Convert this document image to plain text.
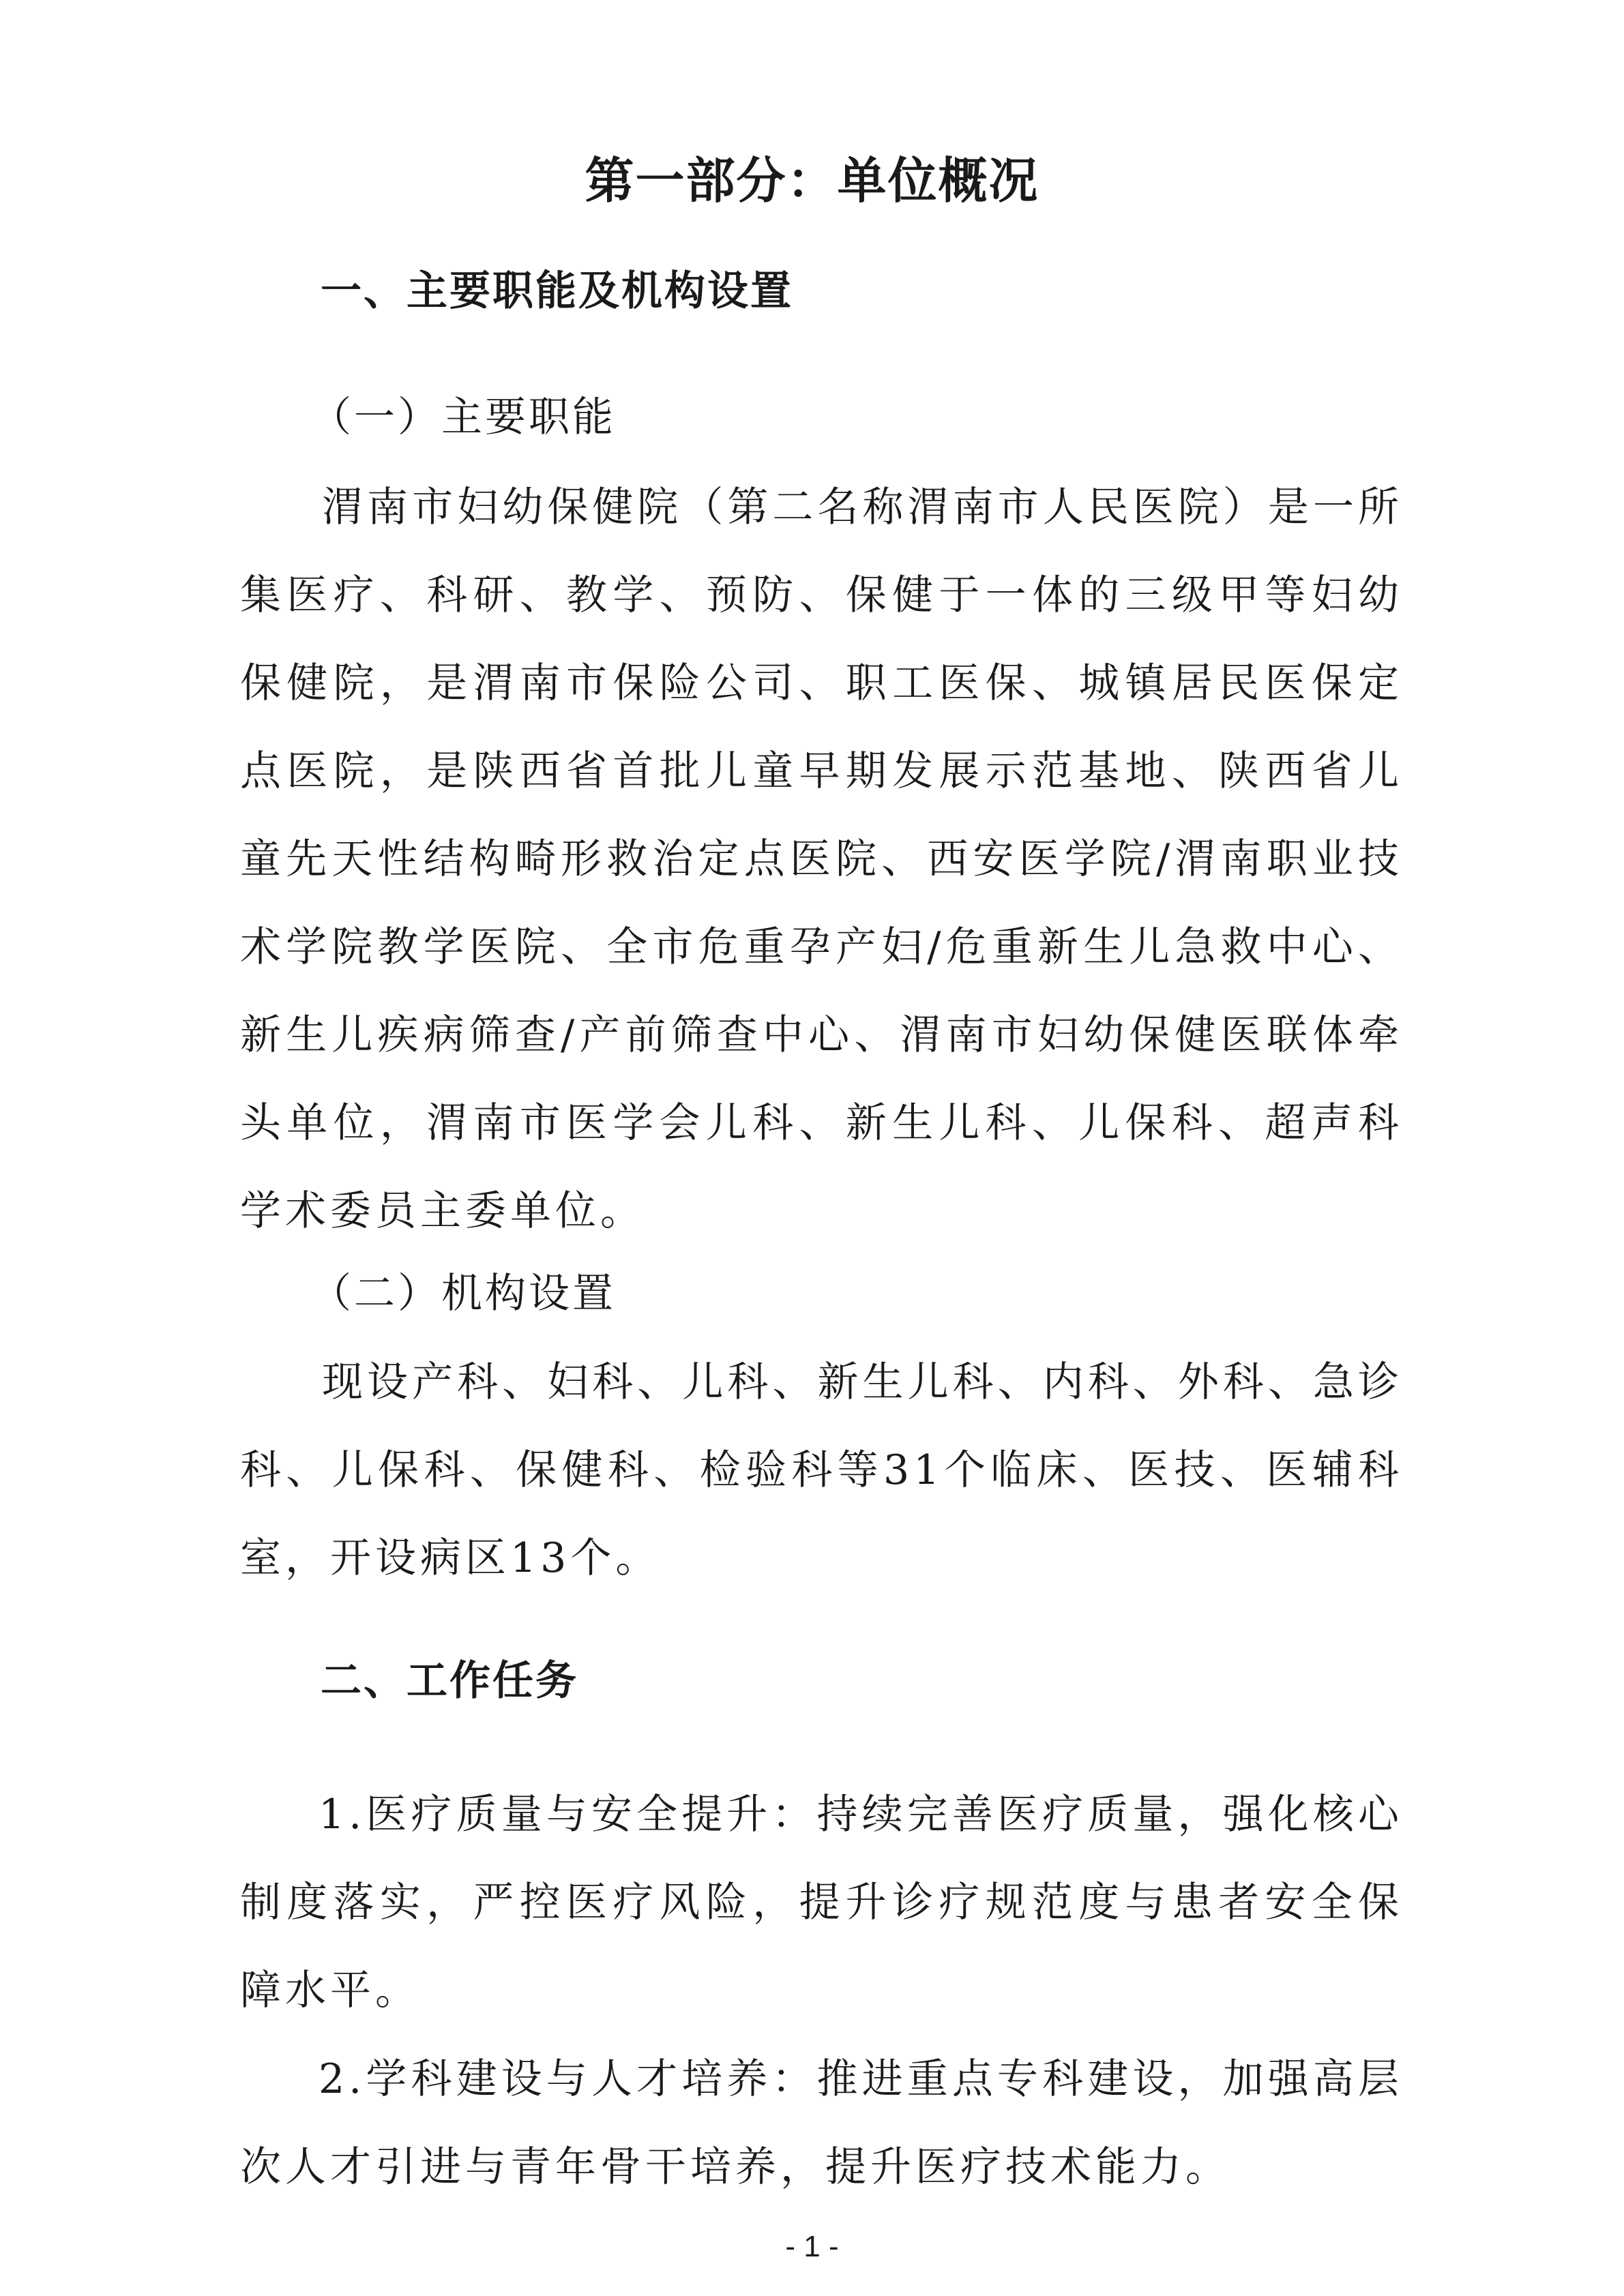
第一部分：单位概况
一、主要职能及机构设置
（一）主要职能

渭南市妇幼保健院（第二名称渭南市人民医院）是一所集医疗、科研、教学、预防、保健于一体的三级甲等妇幼保健院，是渭南市保险公司、职工医保、城镇居民医保定点医院，是陕西省首批儿童早期发展示范基地、陕西省儿童先天性结构畸形救治定点医院、西安医学院/渭南职业技术学院教学医院、全市危重孕产妇/危重新生儿急救中心、新生儿疾病筛查/产前筛查中心、渭南市妇幼保健医联体牵头单位，渭南市医学会儿科、新生儿科、儿保科、超声科学术委员主委单位。

（二）机构设置

现设产科、妇科、儿科、新生儿科、内科、外科、急诊科、儿保科、保健科、检验科等31个临床、医技、医辅科室，开设病区13个。

二、工作任务

1.医疗质量与安全提升：持续完善医疗质量，强化核心制度落实，严控医疗风险，提升诊疗规范度与患者安全保障水平。

2.学科建设与人才培养：推进重点专科建设，加强高层次人才引进与青年骨干培养，提升医疗技术能力。

- 1 -
